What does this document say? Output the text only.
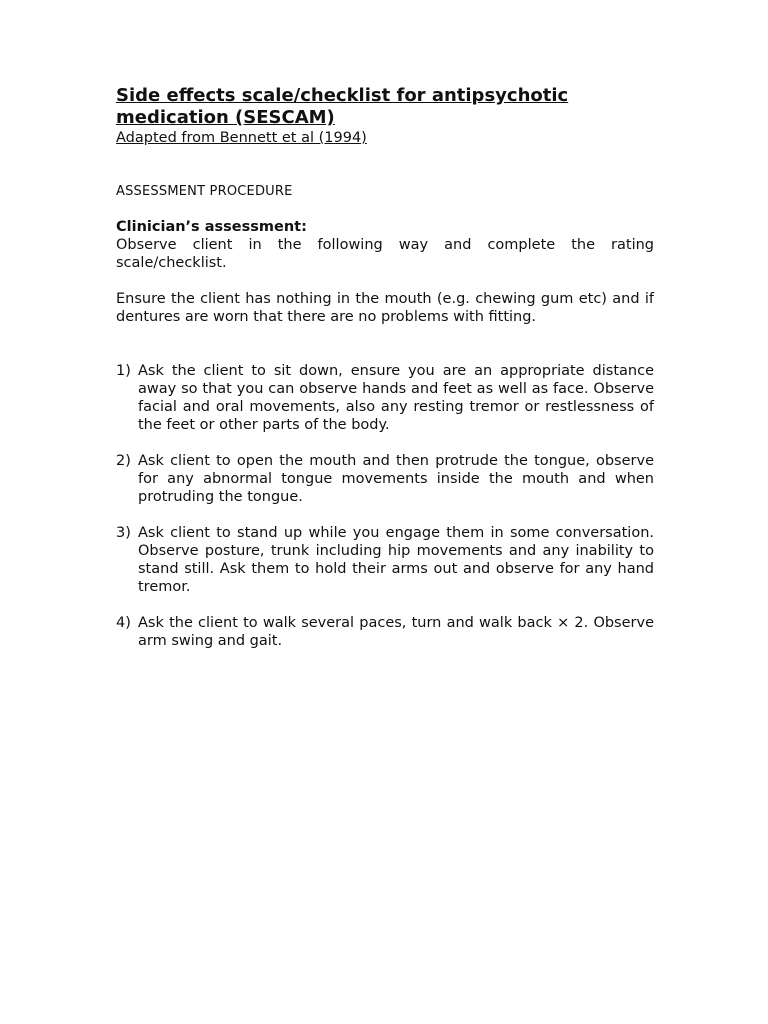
Side effects scale/checklist for antipsychotic
medication (SESCAM)

Adapted from Bennett et al (1994)

ASSESSMENT PROCEDURE
Clinician’s assessment:

Observe client in the following way and complete the rating scale/checklist.

Ensure the client has nothing in the mouth (e.g. chewing gum etc) and if dentures are worn that there are no problems with fitting.

1) Ask the client to sit down, ensure you are an appropriate distance away so that you can observe hands and feet as well as face. Observe facial and oral movements, also any resting tremor or restlessness of the feet or other parts of the body.
2) Ask client to open the mouth and then protrude the tongue, observe for any abnormal tongue movements inside the mouth and when protruding the tongue.
3) Ask client to stand up while you engage them in some conversation. Observe posture, trunk including hip movements and any inability to stand still. Ask them to hold their arms out and observe for any hand tremor.
4) Ask the client to walk several paces, turn and walk back × 2. Observe arm swing and gait.
